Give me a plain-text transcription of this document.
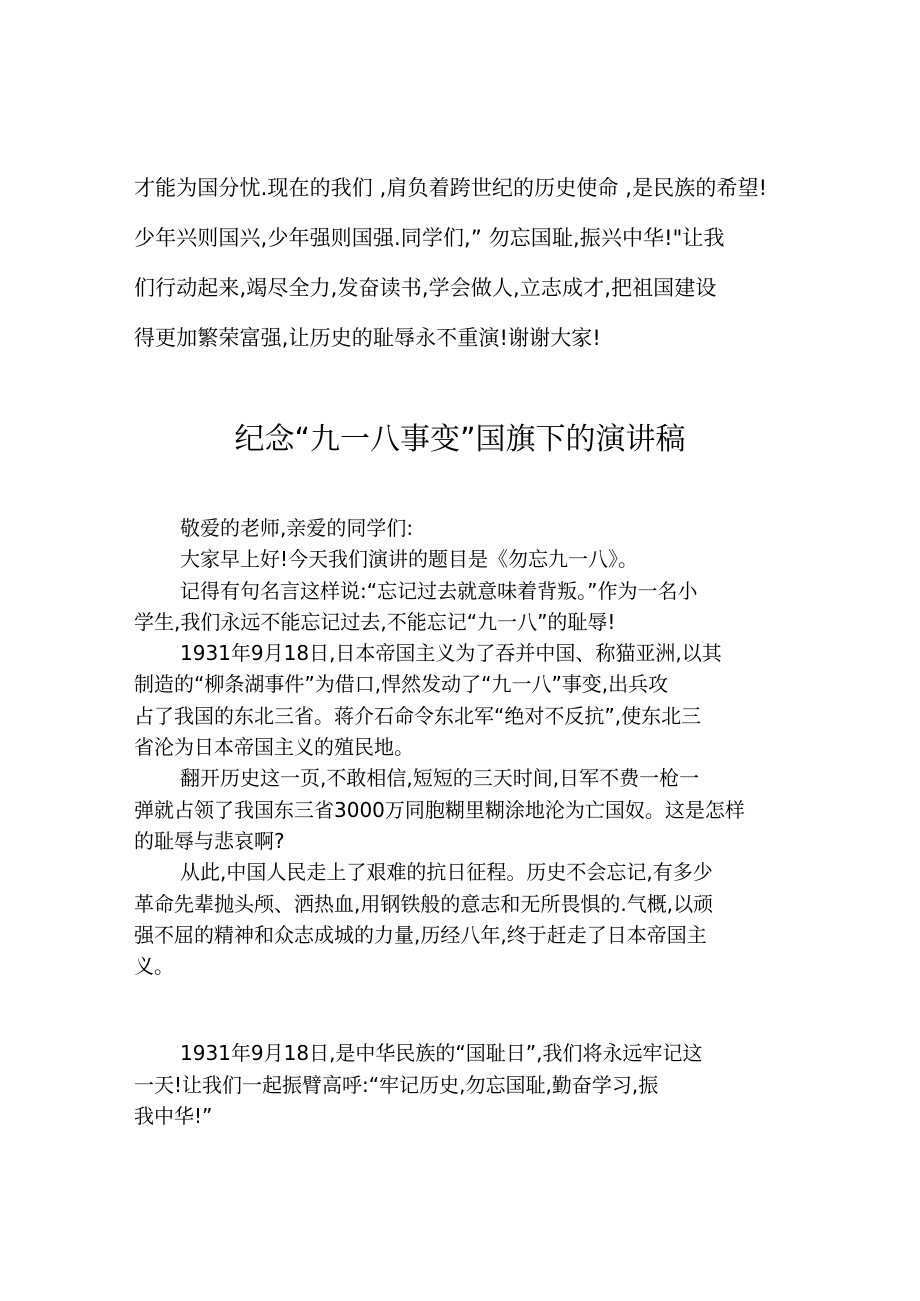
才能为国分忧.现在的我们 ,肩负着跨世纪的历史使命 ,是民族的希望!
少年兴则国兴,少年强则国强.同学们,” 勿忘国耻,振兴中华!"让我
们行动起来,竭尽全力,发奋读书,学会做人,立志成才,把祖国建设
得更加繁荣富强,让历史的耻辱永不重演!谢谢大家!
纪念“九一八事变”国旗下的演讲稿
敬爱的老师,亲爱的同学们:
大家早上好!今天我们演讲的题目是《勿忘九一八》。
记得有句名言这样说:“忘记过去就意味着背叛。”作为一名小
学生,我们永远不能忘记过去,不能忘记“九一八”的耻辱!
1931年9月18日,日本帝国主义为了吞并中国、称猫亚洲,以其
制造的“柳条湖事件”为借口,悍然发动了“九一八”事变,出兵攻
占了我国的东北三省。蒋介石命令东北军“绝对不反抗”,使东北三
省沦为日本帝国主义的殖民地。
翻开历史这一页,不敢相信,短短的三天时间,日军不费一枪一
弹就占领了我国东三省3000万同胞糊里糊涂地沦为亡国奴。这是怎样
的耻辱与悲哀啊?
从此,中国人民走上了艰难的抗日征程。历史不会忘记,有多少
革命先辈抛头颅、洒热血,用钢铁般的意志和无所畏惧的.气概,以顽
强不屈的精神和众志成城的力量,历经八年,终于赶走了日本帝国主
义。
1931年9月18日,是中华民族的“国耻日”,我们将永远牢记这
一天!让我们一起振臂高呼:“牢记历史,勿忘国耻,勤奋学习,振
我中华!”
